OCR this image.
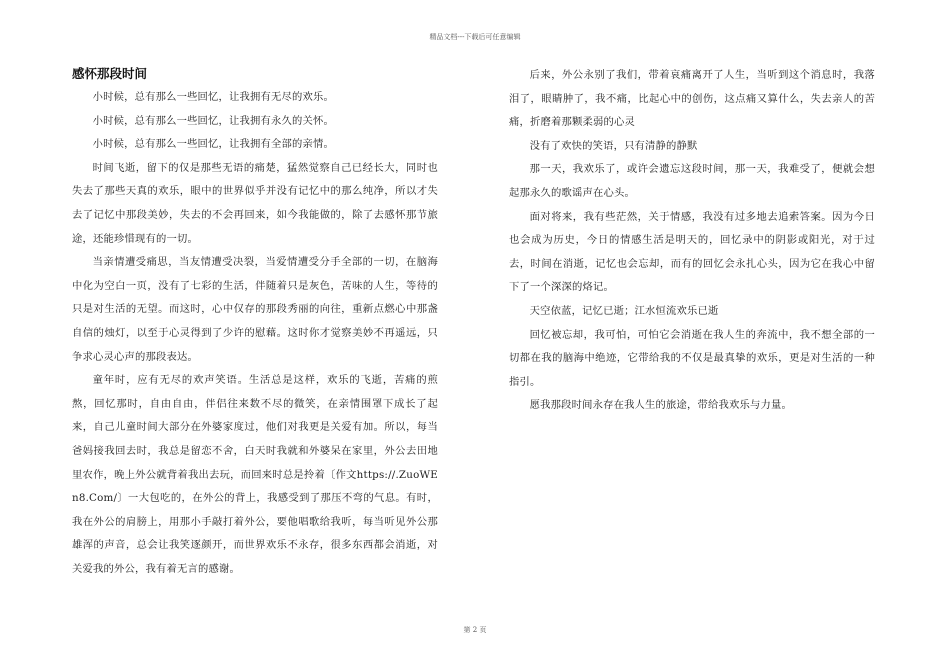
精品文档---下载后可任意编辑
感怀那段时间

小时候，总有那么一些回忆，让我拥有无尽的欢乐。

小时候，总有那么一些回忆，让我拥有永久的关怀。

小时候，总有那么一些回忆，让我拥有全部的亲情。

时间飞逝，留下的仅是那些无语的痛楚，猛然觉察自己已经长大，同时也失去了那些天真的欢乐，眼中的世界似乎并没有记忆中的那么纯净，所以才失去了记忆中那段美妙，失去的不会再回来，如今我能做的，除了去感怀那节旅途，还能珍惜现有的一切。

当亲情遭受痛思，当友情遭受决裂，当爱情遭受分手全部的一切，在脑海中化为空白一页，没有了七彩的生活，伴随着只是灰色，苦味的人生，等待的只是对生活的无望。而这时，心中仅存的那段秀丽的向往，重新点燃心中那盏自信的烛灯，以至于心灵得到了少许的慰藉。这时你才觉察美妙不再遥远，只争求心灵心声的那段表达。

童年时，应有无尽的欢声笑语。生活总是这样，欢乐的飞逝，苦痛的煎熬，回忆那时，自由自由，伴侣往来数不尽的微笑，在亲情围罩下成长了起来，自己儿童时间大部分在外婆家度过，他们对我更是关爱有加。所以，每当爸妈接我回去时，我总是留恋不舍，白天时我就和外婆呆在家里，外公去田地里农作，晚上外公就背着我出去玩，而回来时总是拎着〔作文https://.ZuoWEn8.Com/〕一大包吃的，在外公的背上，我感受到了那压不弯的气息。有时，我在外公的肩膀上，用那小手敲打着外公，要他唱歌给我听，每当听见外公那雄浑的声音，总会让我笑逐颜开，而世界欢乐不永存，很多东西都会消逝，对关爱我的外公，我有着无言的感谢。

后来，外公永别了我们，带着哀痛离开了人生，当听到这个消息时，我落泪了，眼睛肿了，我不痛，比起心中的创伤，这点痛又算什么，失去亲人的苦痛，折磨着那颗柔弱的心灵

没有了欢快的笑语，只有清静的静默

那一天，我欢乐了，或许会遗忘这段时间，那一天，我难受了，便就会想起那永久的歌谣声在心头。

面对将来，我有些茫然，关于情感，我没有过多地去追索答案。因为今日也会成为历史，今日的情感生活是明天的，回忆录中的阴影或阳光，对于过去，时间在消逝，记忆也会忘却，而有的回忆会永扎心头，因为它在我心中留下了一个深深的烙记。

天空依蓝，记忆已逝；江水恒流欢乐已逝

回忆被忘却，我可怕，可怕它会消逝在我人生的奔流中，我不想全部的一切都在我的脑海中绝迹，它带给我的不仅是最真挚的欢乐，更是对生活的一种指引。

愿我那段时间永存在我人生的旅途，带给我欢乐与力量。

第 2 页
